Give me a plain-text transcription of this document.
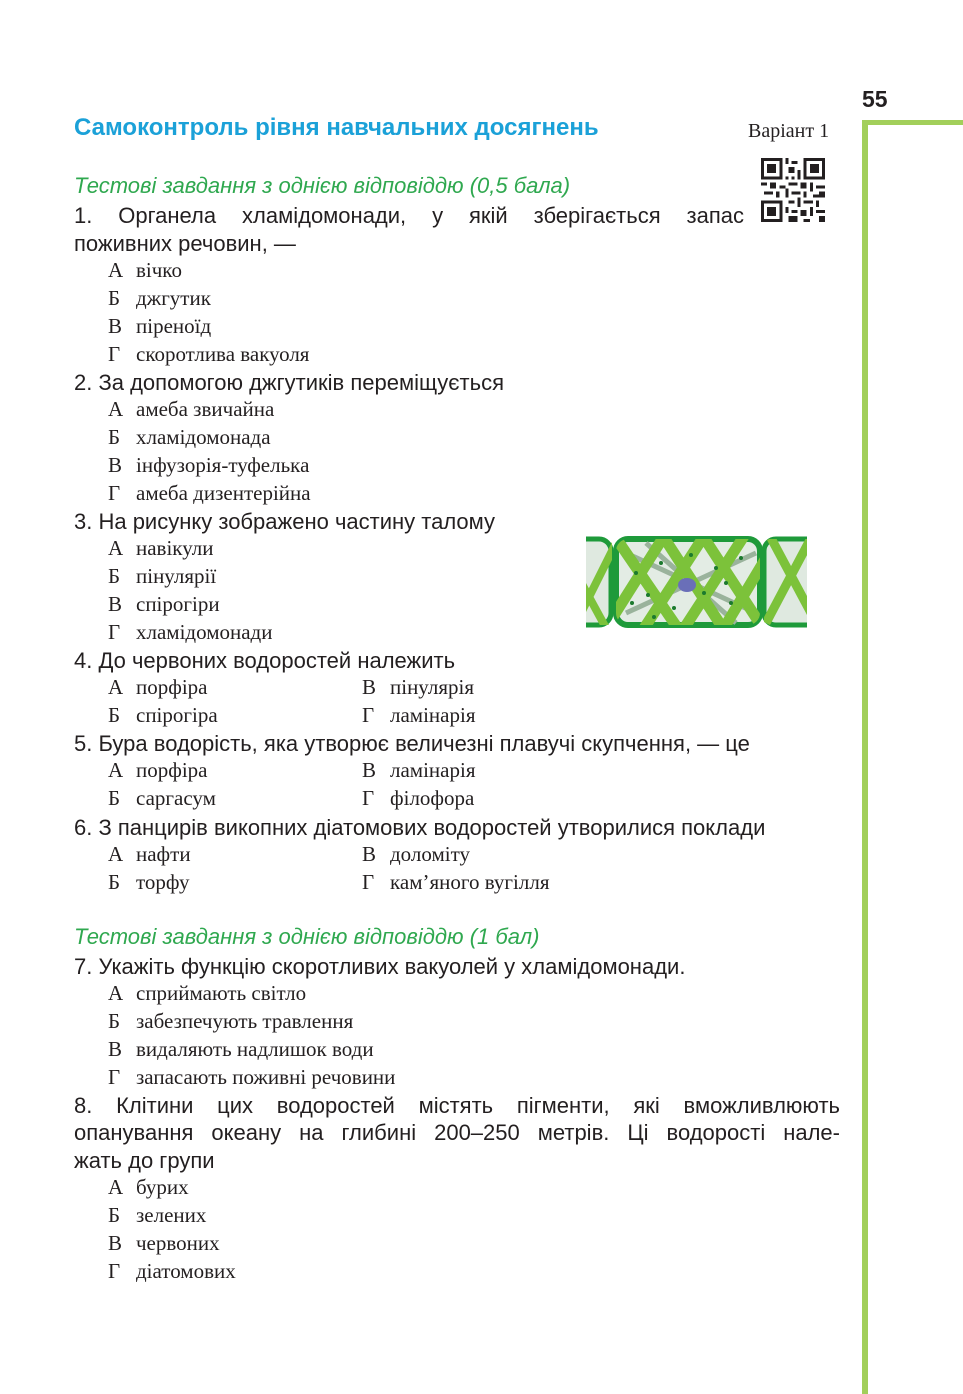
55
Самоконтроль рівня навчальних досягнень	Варіант 1
Тестові завдання з однією відповіддю (0,5 бала)
1. Органела хламідомонади, у якій зберігається запас
поживних речовин, —
А вічко
Б джгутик
В піреноїд
Г скоротлива вакуоля
2. За допомогою джгутиків переміщується
А амеба звичайна
Б хламідомонада
В інфузорія-туфелька
Г амеба дизентерійна
3. На рисунку зображено частину талому
А навікули
Б пінулярії
В спірогіри
Г хламідомонади
4. До червоних водоростей належить
А порфіра	В пінулярія
Б спірогіра	Г ламінарія
5. Бура водорість, яка утворює величезні плавучі скупчення, — це
А порфіра	В ламінарія
Б саргасум	Г філофора
6. З панцирів викопних діатомових водоростей утворилися поклади
А нафти	В доломіту
Б торфу	Г кам’яного вугілля
Тестові завдання з однією відповіддю (1 бал)
7. Укажіть функцію скоротливих вакуолей у хламідомонади.
А сприймають світло
Б забезпечують травлення
В видаляють надлишок води
Г запасають поживні речовини
8. Клітини цих водоростей містять пігменти, які вможливлюють
опанування океану на глибині 200–250 метрів. Ці водорості нале-
жать до групи
А бурих
Б зелених
В червоних
Г діатомових
